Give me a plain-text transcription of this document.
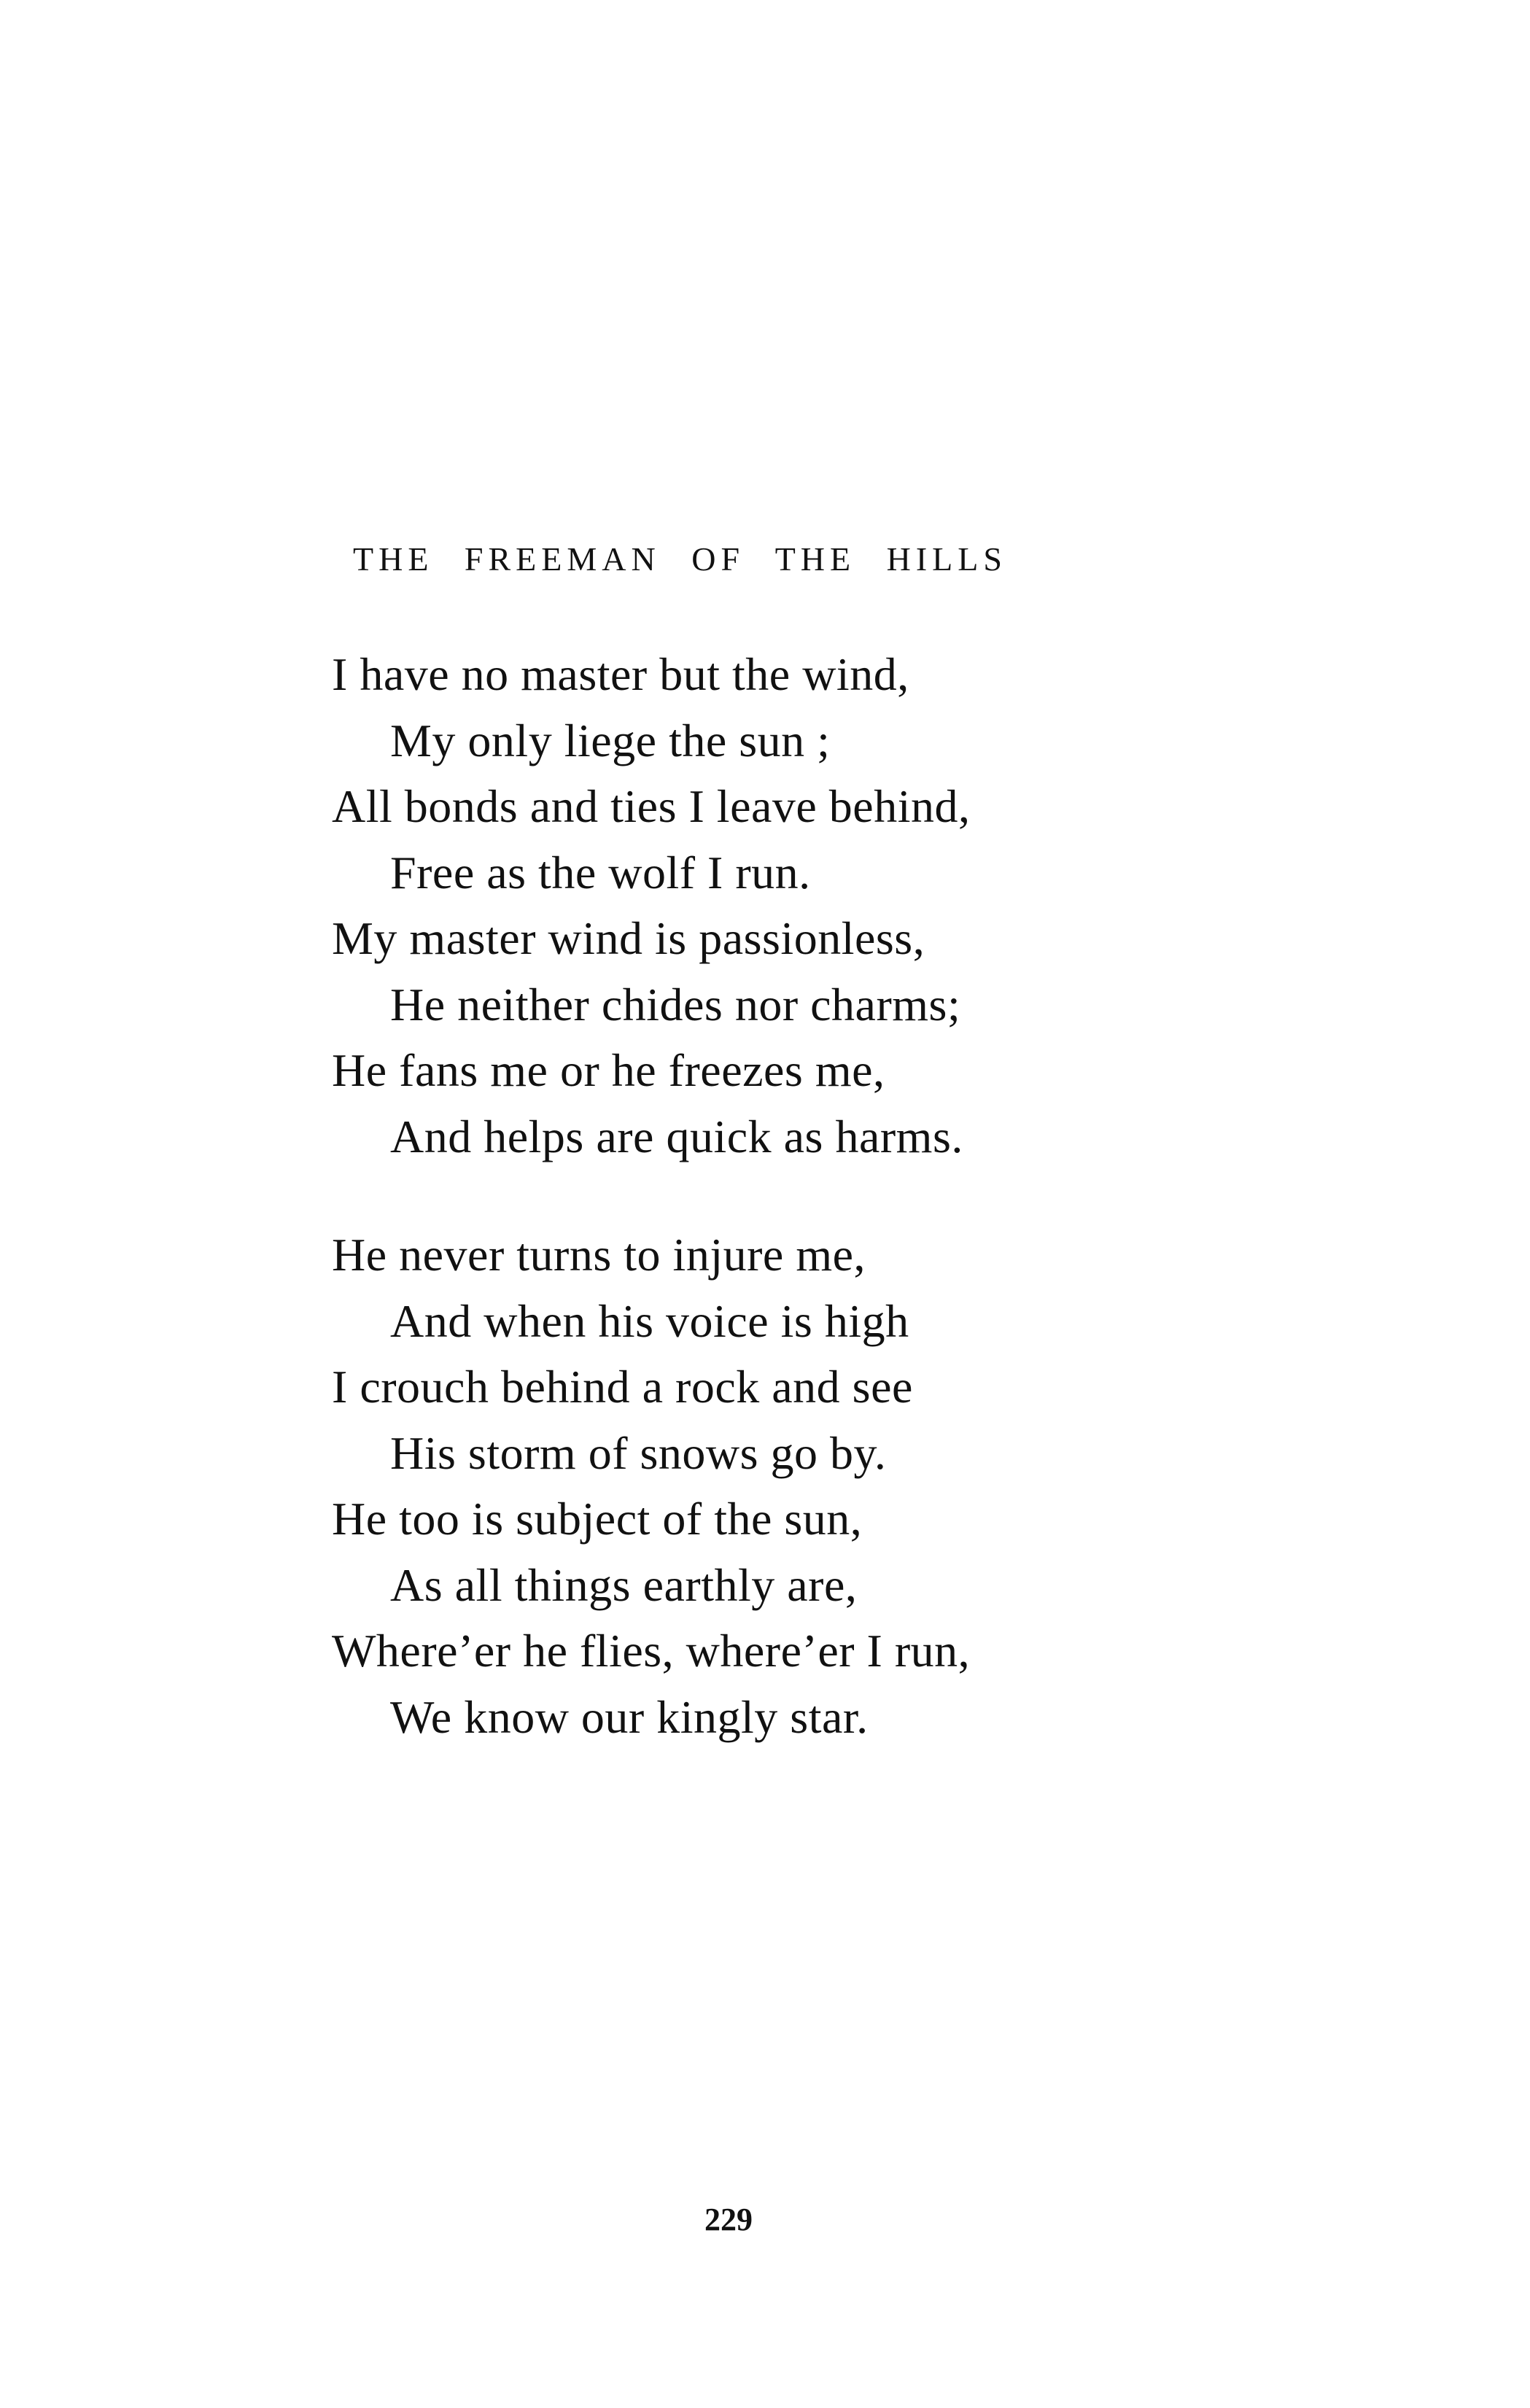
THE FREEMAN OF THE HILLS
I have no master but the wind,
My only liege the sun ;
All bonds and ties I leave behind,
Free as the wolf I run.
My master wind is passionless,
He neither chides nor charms;
He fans me or he freezes me,
And helps are quick as harms.
He never turns to injure me,
And when his voice is high
I crouch behind a rock and see
His storm of snows go by.
He too is subject of the sun,
As all things earthly are,
Where’er he flies, where’er I run,
We know our kingly star.

229
